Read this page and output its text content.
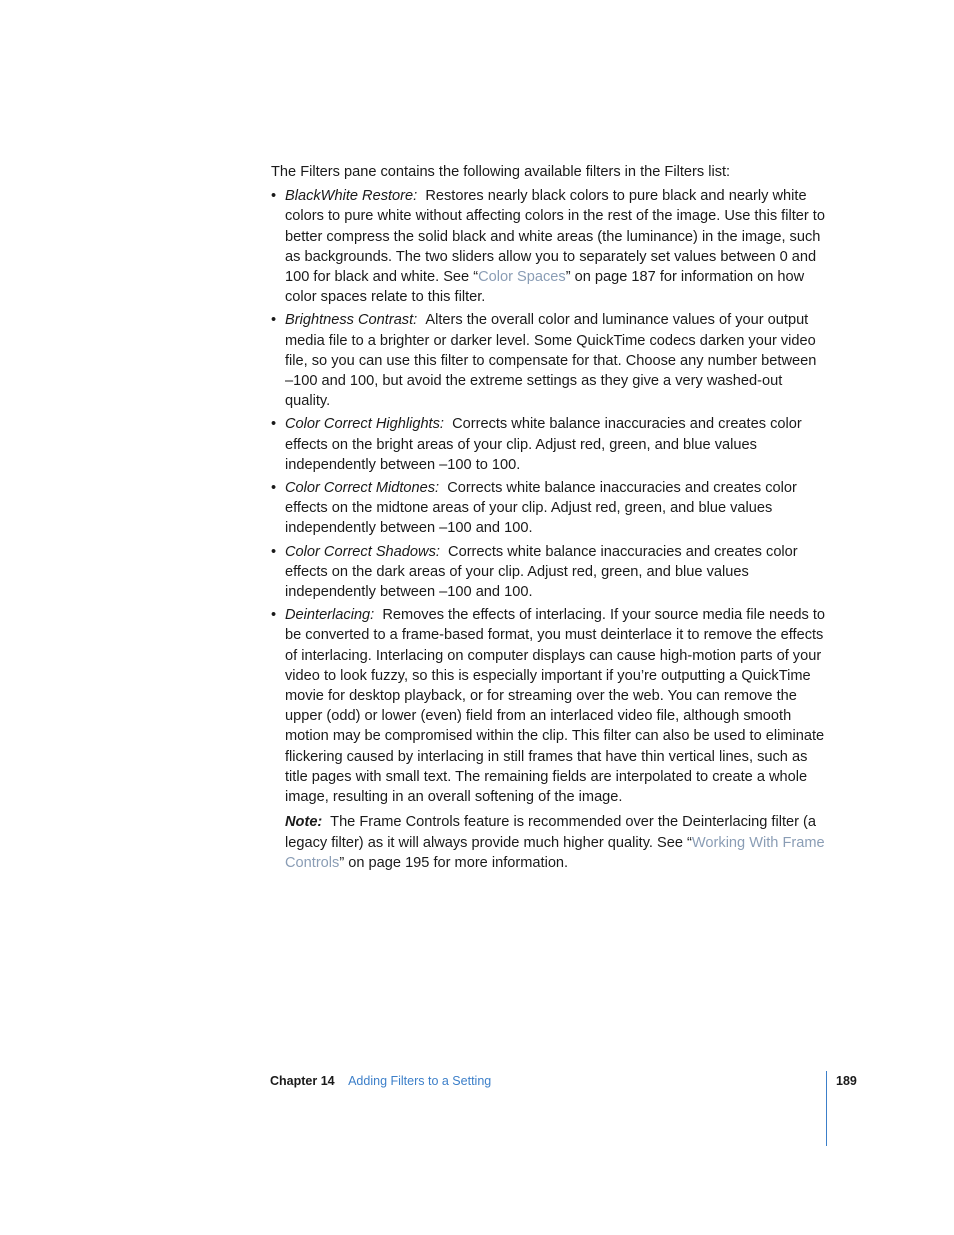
The Filters pane contains the following available filters in the Filters list:

• BlackWhite Restore: Restores nearly black colors to pure black and nearly white colors to pure white without affecting colors in the rest of the image. Use this filter to better compress the solid black and white areas (the luminance) in the image, such as backgrounds. The two sliders allow you to separately set values between 0 and 100 for black and white. See “Color Spaces” on page 187 for information on how color spaces relate to this filter.
• Brightness Contrast: Alters the overall color and luminance values of your output media file to a brighter or darker level. Some QuickTime codecs darken your video file, so you can use this filter to compensate for that. Choose any number between –100 and 100, but avoid the extreme settings as they give a very washed-out quality.
• Color Correct Highlights: Corrects white balance inaccuracies and creates color effects on the bright areas of your clip. Adjust red, green, and blue values independently between –100 to 100.
• Color Correct Midtones: Corrects white balance inaccuracies and creates color effects on the midtone areas of your clip. Adjust red, green, and blue values independently between –100 and 100.
• Color Correct Shadows: Corrects white balance inaccuracies and creates color effects on the dark areas of your clip. Adjust red, green, and blue values independently between –100 and 100.
• Deinterlacing: Removes the effects of interlacing. If your source media file needs to be converted to a frame-based format, you must deinterlace it to remove the effects of interlacing. Interlacing on computer displays can cause high-motion parts of your video to look fuzzy, so this is especially important if you’re outputting a QuickTime movie for desktop playback, or for streaming over the web. You can remove the upper (odd) or lower (even) field from an interlaced video file, although smooth motion may be compromised within the clip. This filter can also be used to eliminate flickering caused by interlacing in still frames that have thin vertical lines, such as title pages with small text. The remaining fields are interpolated to create a whole image, resulting in an overall softening of the image.

Note: The Frame Controls feature is recommended over the Deinterlacing filter (a legacy filter) as it will always provide much higher quality. See “Working With Frame Controls” on page 195 for more information.

Chapter 14 Adding Filters to a Setting	189
